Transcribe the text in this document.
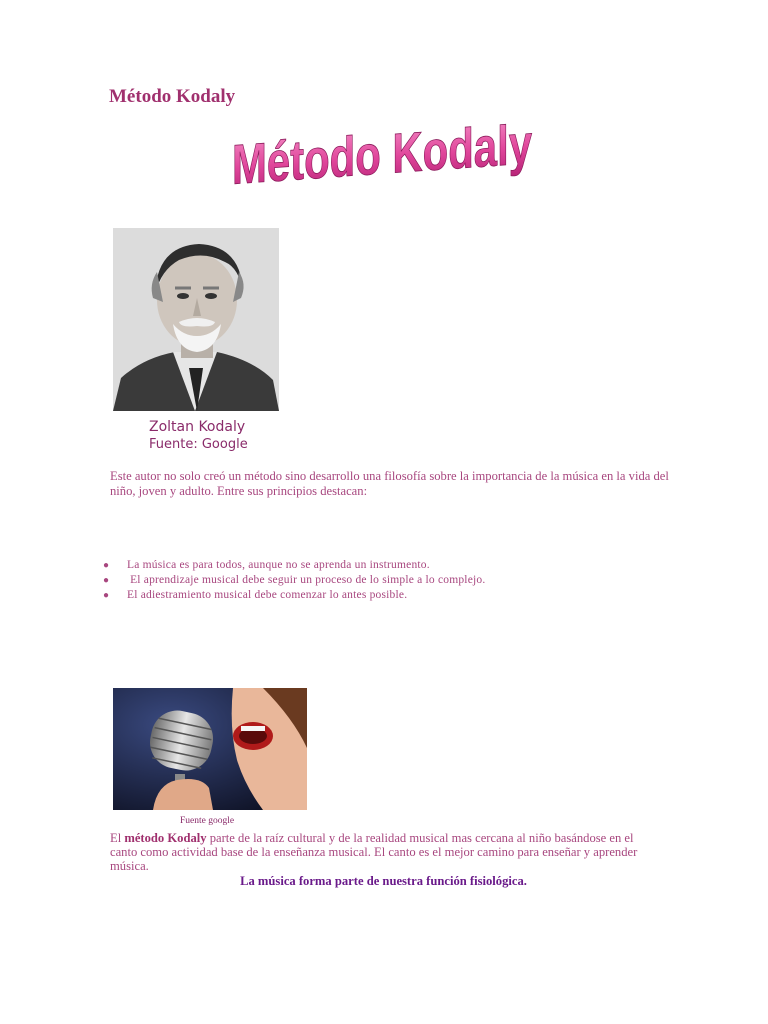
Método Kodaly
Método Kodaly
Zoltan Kodaly
Fuente: Google
Este autor no solo creó un método sino desarrollo una filosofía sobre la importancia de la música en la vida del niño, joven y adulto. Entre sus principios destacan:
● La música es para todos, aunque no se aprenda un instrumento.
● El aprendizaje musical debe seguir un proceso de lo simple a lo complejo.
● El adiestramiento musical debe comenzar lo antes posible.
Fuente google
El método Kodaly parte de la raíz cultural y de la realidad musical mas cercana al niño basándose en el canto como actividad base de la enseñanza musical. El canto es el mejor camino para enseñar y aprender música.
La música forma parte de nuestra función fisiológica.
